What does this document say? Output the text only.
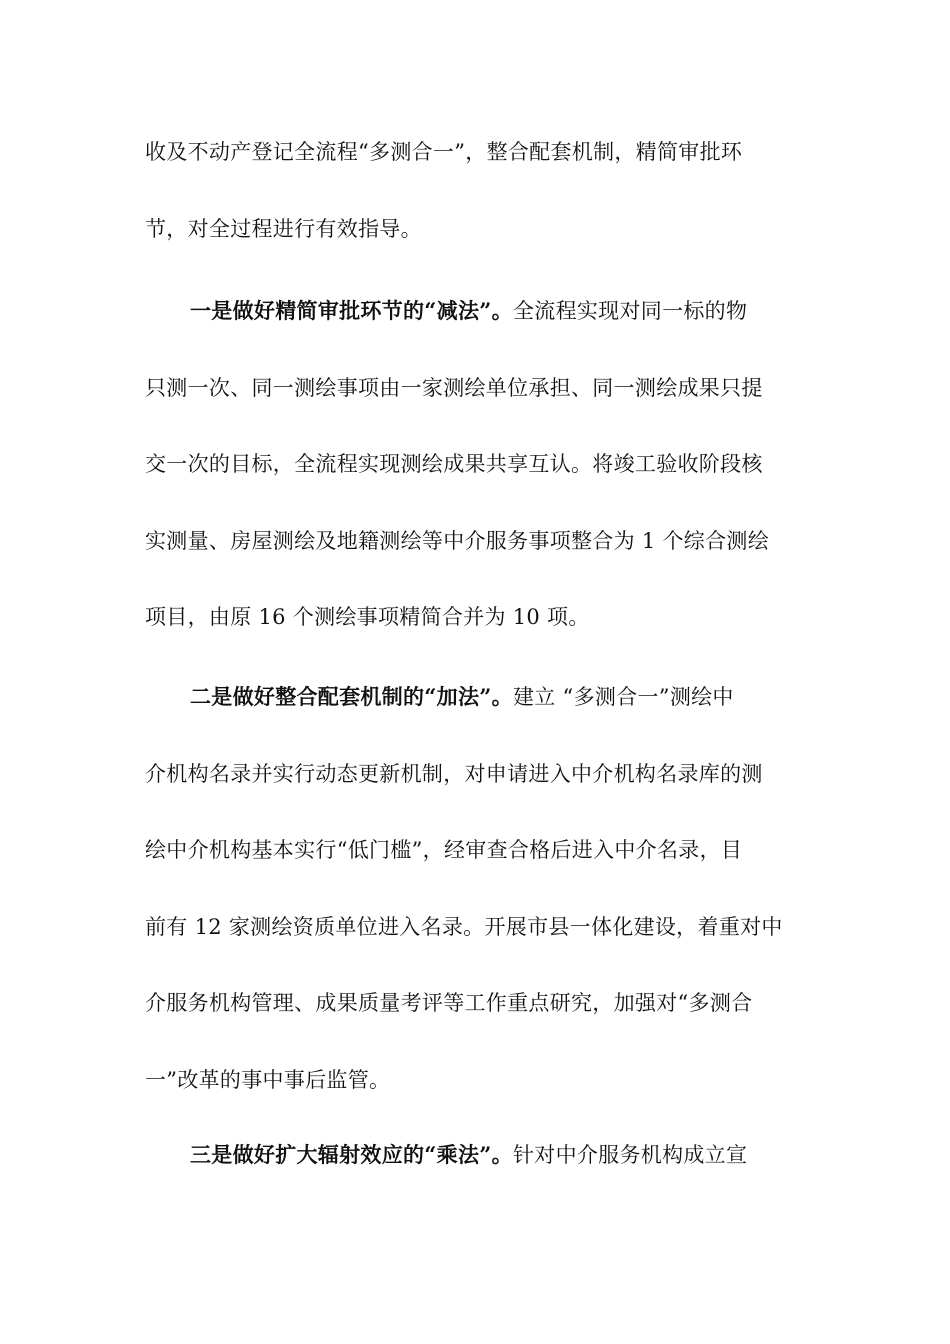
收及不动产登记全流程“多测合一”，整合配套机制，精简审批环
节，对全过程进行有效指导。
一是做好精简审批环节的“减法”。全流程实现对同一标的物
只测一次、同一测绘事项由一家测绘单位承担、同一测绘成果只提
交一次的目标，全流程实现测绘成果共享互认。将竣工验收阶段核
实测量、房屋测绘及地籍测绘等中介服务事项整合为 1 个综合测绘
项目，由原 16 个测绘事项精简合并为 10 项。
二是做好整合配套机制的“加法”。建立 “多测合一”测绘中
介机构名录并实行动态更新机制，对申请进入中介机构名录库的测
绘中介机构基本实行“低门槛”，经审查合格后进入中介名录，目
前有 12 家测绘资质单位进入名录。开展市县一体化建设，着重对中
介服务机构管理、成果质量考评等工作重点研究，加强对“多测合
一”改革的事中事后监管。
三是做好扩大辐射效应的“乘法”。针对中介服务机构成立宣
